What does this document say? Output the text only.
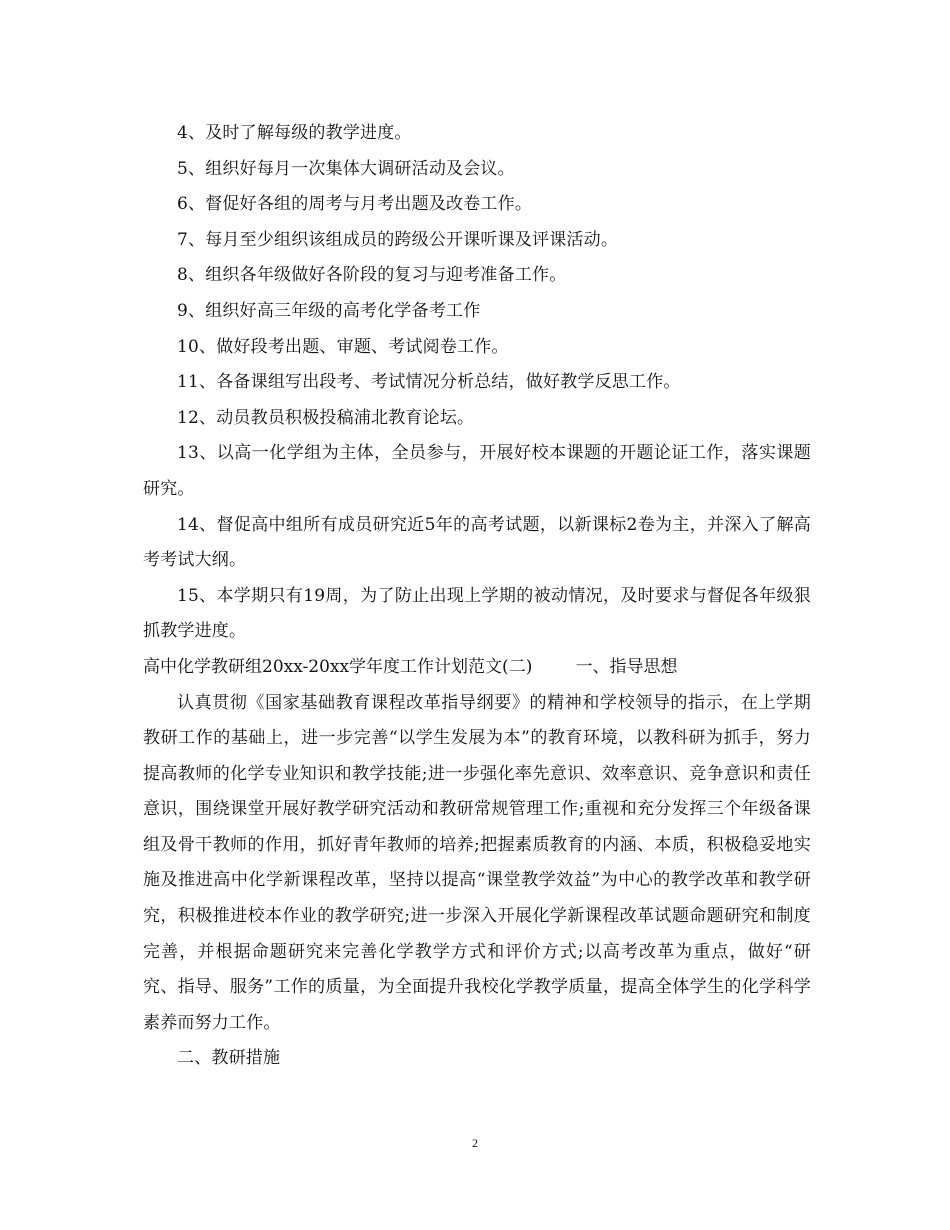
4、及时了解每级的教学进度。

5、组织好每月一次集体大调研活动及会议。

6、督促好各组的周考与月考出题及改卷工作。

7、每月至少组织该组成员的跨级公开课听课及评课活动。

8、组织各年级做好各阶段的复习与迎考准备工作。

9、组织好高三年级的高考化学备考工作

10、做好段考出题、审题、考试阅卷工作。

11、各备课组写出段考、考试情况分析总结，做好教学反思工作。

12、动员教员积极投稿浦北教育论坛。

13、以高一化学组为主体，全员参与，开展好校本课题的开题论证工作，落实课题研究。

14、督促高中组所有成员研究近5年的高考试题，以新课标2卷为主，并深入了解高考考试大纲。

15、本学期只有19周，为了防止出现上学期的被动情况，及时要求与督促各年级狠抓教学进度。

高中化学教研组20xx-20xx学年度工作计划范文(二)	一、指导思想

认真贯彻《国家基础教育课程改革指导纲要》的精神和学校领导的指示，在上学期教研工作的基础上，进一步完善“以学生发展为本”的教育环境，以教科研为抓手，努力提高教师的化学专业知识和教学技能;进一步强化率先意识、效率意识、竞争意识和责任意识，围绕课堂开展好教学研究活动和教研常规管理工作;重视和充分发挥三个年级备课组及骨干教师的作用，抓好青年教师的培养;把握素质教育的内涵、本质，积极稳妥地实施及推进高中化学新课程改革，坚持以提高“课堂教学效益”为中心的教学改革和教学研究，积极推进校本作业的教学研究;进一步深入开展化学新课程改革试题命题研究和制度完善，并根据命题研究来完善化学教学方式和评价方式;以高考改革为重点，做好“研究、指导、服务”工作的质量，为全面提升我校化学教学质量，提高全体学生的化学科学素养而努力工作。

二、教研措施

2
